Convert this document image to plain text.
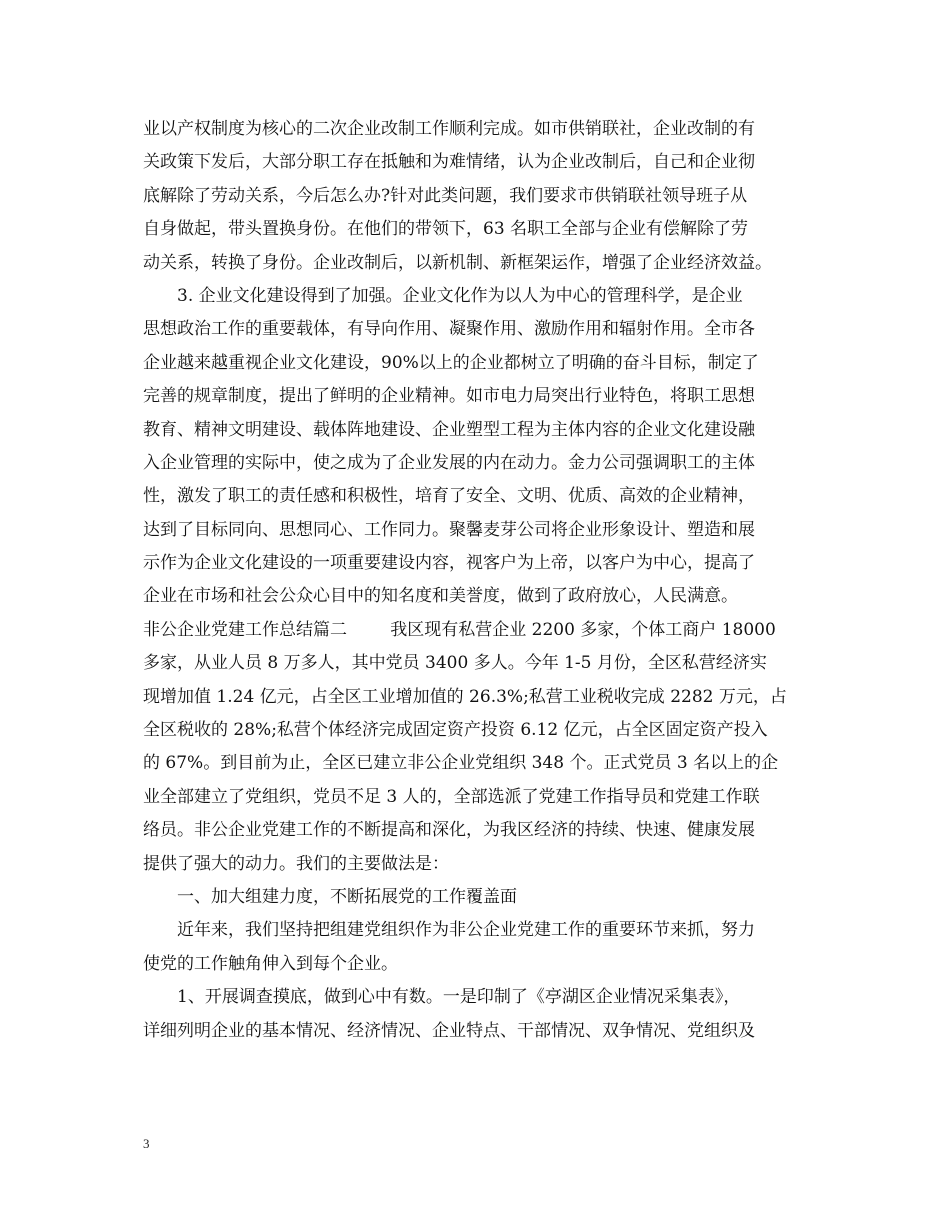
业以产权制度为核心的二次企业改制工作顺利完成。如市供销联社，企业改制的有
关政策下发后，大部分职工存在抵触和为难情绪，认为企业改制后，自己和企业彻
底解除了劳动关系，今后怎么办?针对此类问题，我们要求市供销联社领导班子从
自身做起，带头置换身份。在他们的带领下，63 名职工全部与企业有偿解除了劳
动关系，转换了身份。企业改制后，以新机制、新框架运作，增强了企业经济效益。
3. 企业文化建设得到了加强。企业文化作为以人为中心的管理科学，是企业
思想政治工作的重要载体，有导向作用、凝聚作用、激励作用和辐射作用。全市各
企业越来越重视企业文化建设，90%以上的企业都树立了明确的奋斗目标，制定了
完善的规章制度，提出了鲜明的企业精神。如市电力局突出行业特色，将职工思想
教育、精神文明建设、载体阵地建设、企业塑型工程为主体内容的企业文化建设融
入企业管理的实际中，使之成为了企业发展的内在动力。金力公司强调职工的主体
性，激发了职工的责任感和积极性，培育了安全、文明、优质、高效的企业精神，
达到了目标同向、思想同心、工作同力。聚馨麦芽公司将企业形象设计、塑造和展
示作为企业文化建设的一项重要建设内容，视客户为上帝，以客户为中心，提高了
企业在市场和社会公众心目中的知名度和美誉度，做到了政府放心，人民满意。
非公企业党建工作总结篇二        我区现有私营企业 2200 多家，个体工商户 18000
多家，从业人员 8 万多人，其中党员 3400 多人。今年 1-5 月份，全区私营经济实
现增加值 1.24 亿元，占全区工业增加值的 26.3%;私营工业税收完成 2282 万元，占
全区税收的 28%;私营个体经济完成固定资产投资 6.12 亿元，占全区固定资产投入
的 67%。到目前为止，全区已建立非公企业党组织 348 个。正式党员 3 名以上的企
业全部建立了党组织，党员不足 3 人的，全部选派了党建工作指导员和党建工作联
络员。非公企业党建工作的不断提高和深化，为我区经济的持续、快速、健康发展
提供了强大的动力。我们的主要做法是：
一、加大组建力度，不断拓展党的工作覆盖面
近年来，我们坚持把组建党组织作为非公企业党建工作的重要环节来抓，努力
使党的工作触角伸入到每个企业。
1、开展调查摸底，做到心中有数。一是印制了《亭湖区企业情况采集表》，
详细列明企业的基本情况、经济情况、企业特点、干部情况、双争情况、党组织及
3
